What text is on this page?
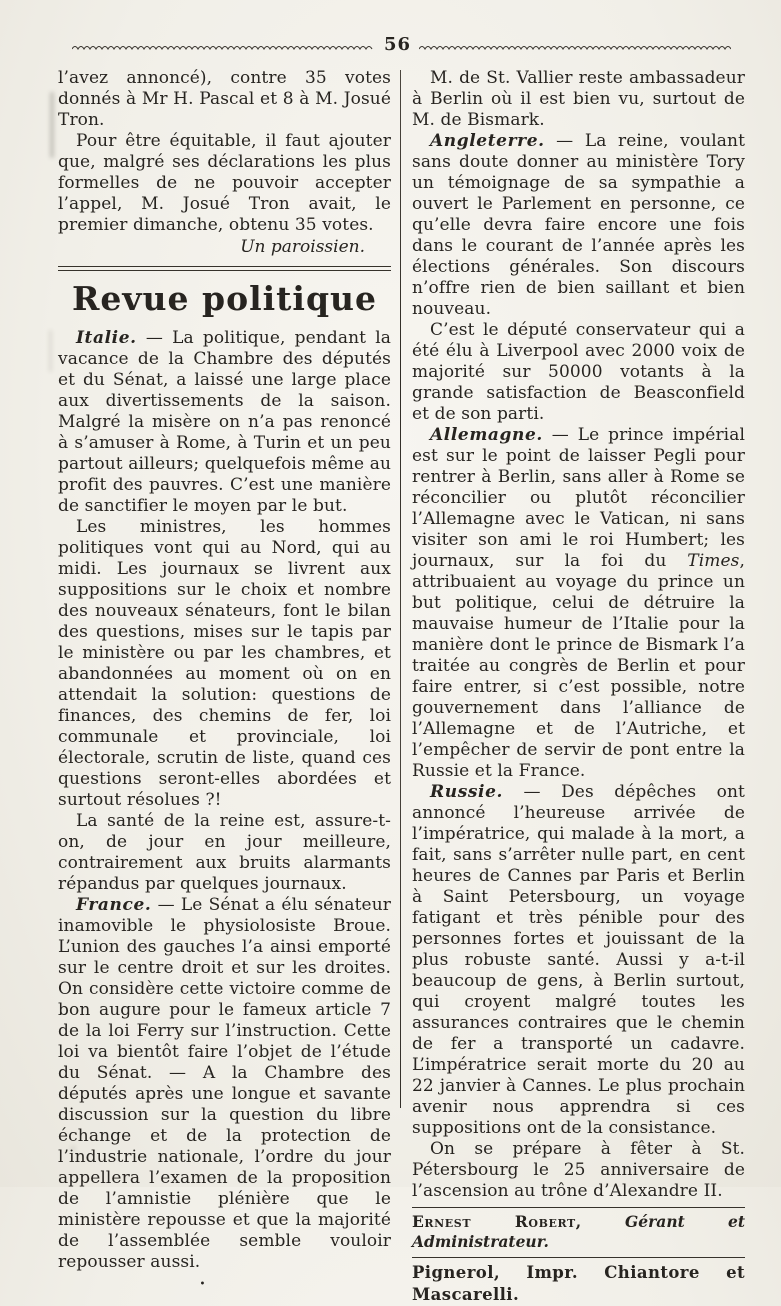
56

l’avez annoncé), contre 35 votes donnés à Mr H. Pascal et 8 à M. Josué Tron.

Pour être équitable, il faut ajouter que, malgré ses déclarations les plus formelles de ne pouvoir accepter l’appel, M. Josué Tron avait, le premier dimanche, obtenu 35 votes.

Un paroissien.

Revue politique

Italie. — La politique, pendant la vacance de la Chambre des députés et du Sénat, a laissé une large place aux divertissements de la saison. Malgré la misère on n’a pas renoncé à s’amuser à Rome, à Turin et un peu partout ailleurs; quelquefois même au profit des pauvres. C’est une manière de sanctifier le moyen par le but.

Les ministres, les hommes politiques vont qui au Nord, qui au midi. Les journaux se livrent aux suppositions sur le choix et nombre des nouveaux sénateurs, font le bilan des questions, mises sur le tapis par le ministère ou par les chambres, et abandonnées au moment où on en attendait la solution: questions de finances, des chemins de fer, loi communale et provinciale, loi électorale, scrutin de liste, quand ces questions seront-elles abordées et surtout résolues ?!

La santé de la reine est, assure-t-on, de jour en jour meilleure, contrairement aux bruits alarmants répandus par quelques journaux.

France. — Le Sénat a élu sénateur inamovible le physiolosiste Broue. L’union des gauches l’a ainsi emporté sur le centre droit et sur les droites. On considère cette victoire comme de bon augure pour le fameux article 7 de la loi Ferry sur l’instruction. Cette loi va bientôt faire l’objet de l’étude du Sénat. — A la Chambre des députés après une longue et savante discussion sur la question du libre échange et de la protection de l’industrie nationale, l’ordre du jour appellera l’examen de la proposition de l’amnistie plénière que le ministère repousse et que la majorité de l’assemblée semble vouloir repousser aussi.

•

M. de St. Vallier reste ambassadeur à Berlin où il est bien vu, surtout de M. de Bismark.

Angleterre. — La reine, voulant sans doute donner au ministère Tory un témoignage de sa sympathie a ouvert le Parlement en personne, ce qu’elle devra faire encore une fois dans le courant de l’année après les élections générales. Son discours n’offre rien de bien saillant et bien nouveau.

C’est le député conservateur qui a été élu à Liverpool avec 2000 voix de majorité sur 50000 votants à la grande satisfaction de Beasconfield et de son parti.

Allemagne. — Le prince impérial est sur le point de laisser Pegli pour rentrer à Berlin, sans aller à Rome se réconcilier ou plutôt réconcilier l’Allemagne avec le Vatican, ni sans visiter son ami le roi Humbert; les journaux, sur la foi du Times, attribuaient au voyage du prince un but politique, celui de détruire la mauvaise humeur de l’Italie pour la manière dont le prince de Bismark l’a traitée au congrès de Berlin et pour faire entrer, si c’est possible, notre gouvernement dans l’alliance de l’Allemagne et de l’Autriche, et l’empêcher de servir de pont entre la Russie et la France.

Russie. — Des dépêches ont annoncé l’heureuse arrivée de l’impératrice, qui malade à la mort, a fait, sans s’arrêter nulle part, en cent heures de Cannes par Paris et Berlin à Saint Petersbourg, un voyage fatigant et très pénible pour des personnes fortes et jouissant de la plus robuste santé. Aussi y a-t-il beaucoup de gens, à Berlin surtout, qui croyent malgré toutes les assurances contraires que le chemin de fer a transporté un cadavre. L’impératrice serait morte du 20 au 22 janvier à Cannes. Le plus prochain avenir nous apprendra si ces suppositions ont de la consistance.

On se prépare à fêter à St. Pétersbourg le 25 anniversaire de l’ascension au trône d’Alexandre II.

Ernest Robert, Gérant et Administrateur.

Pignerol, Impr. Chiantore et Mascarelli.
